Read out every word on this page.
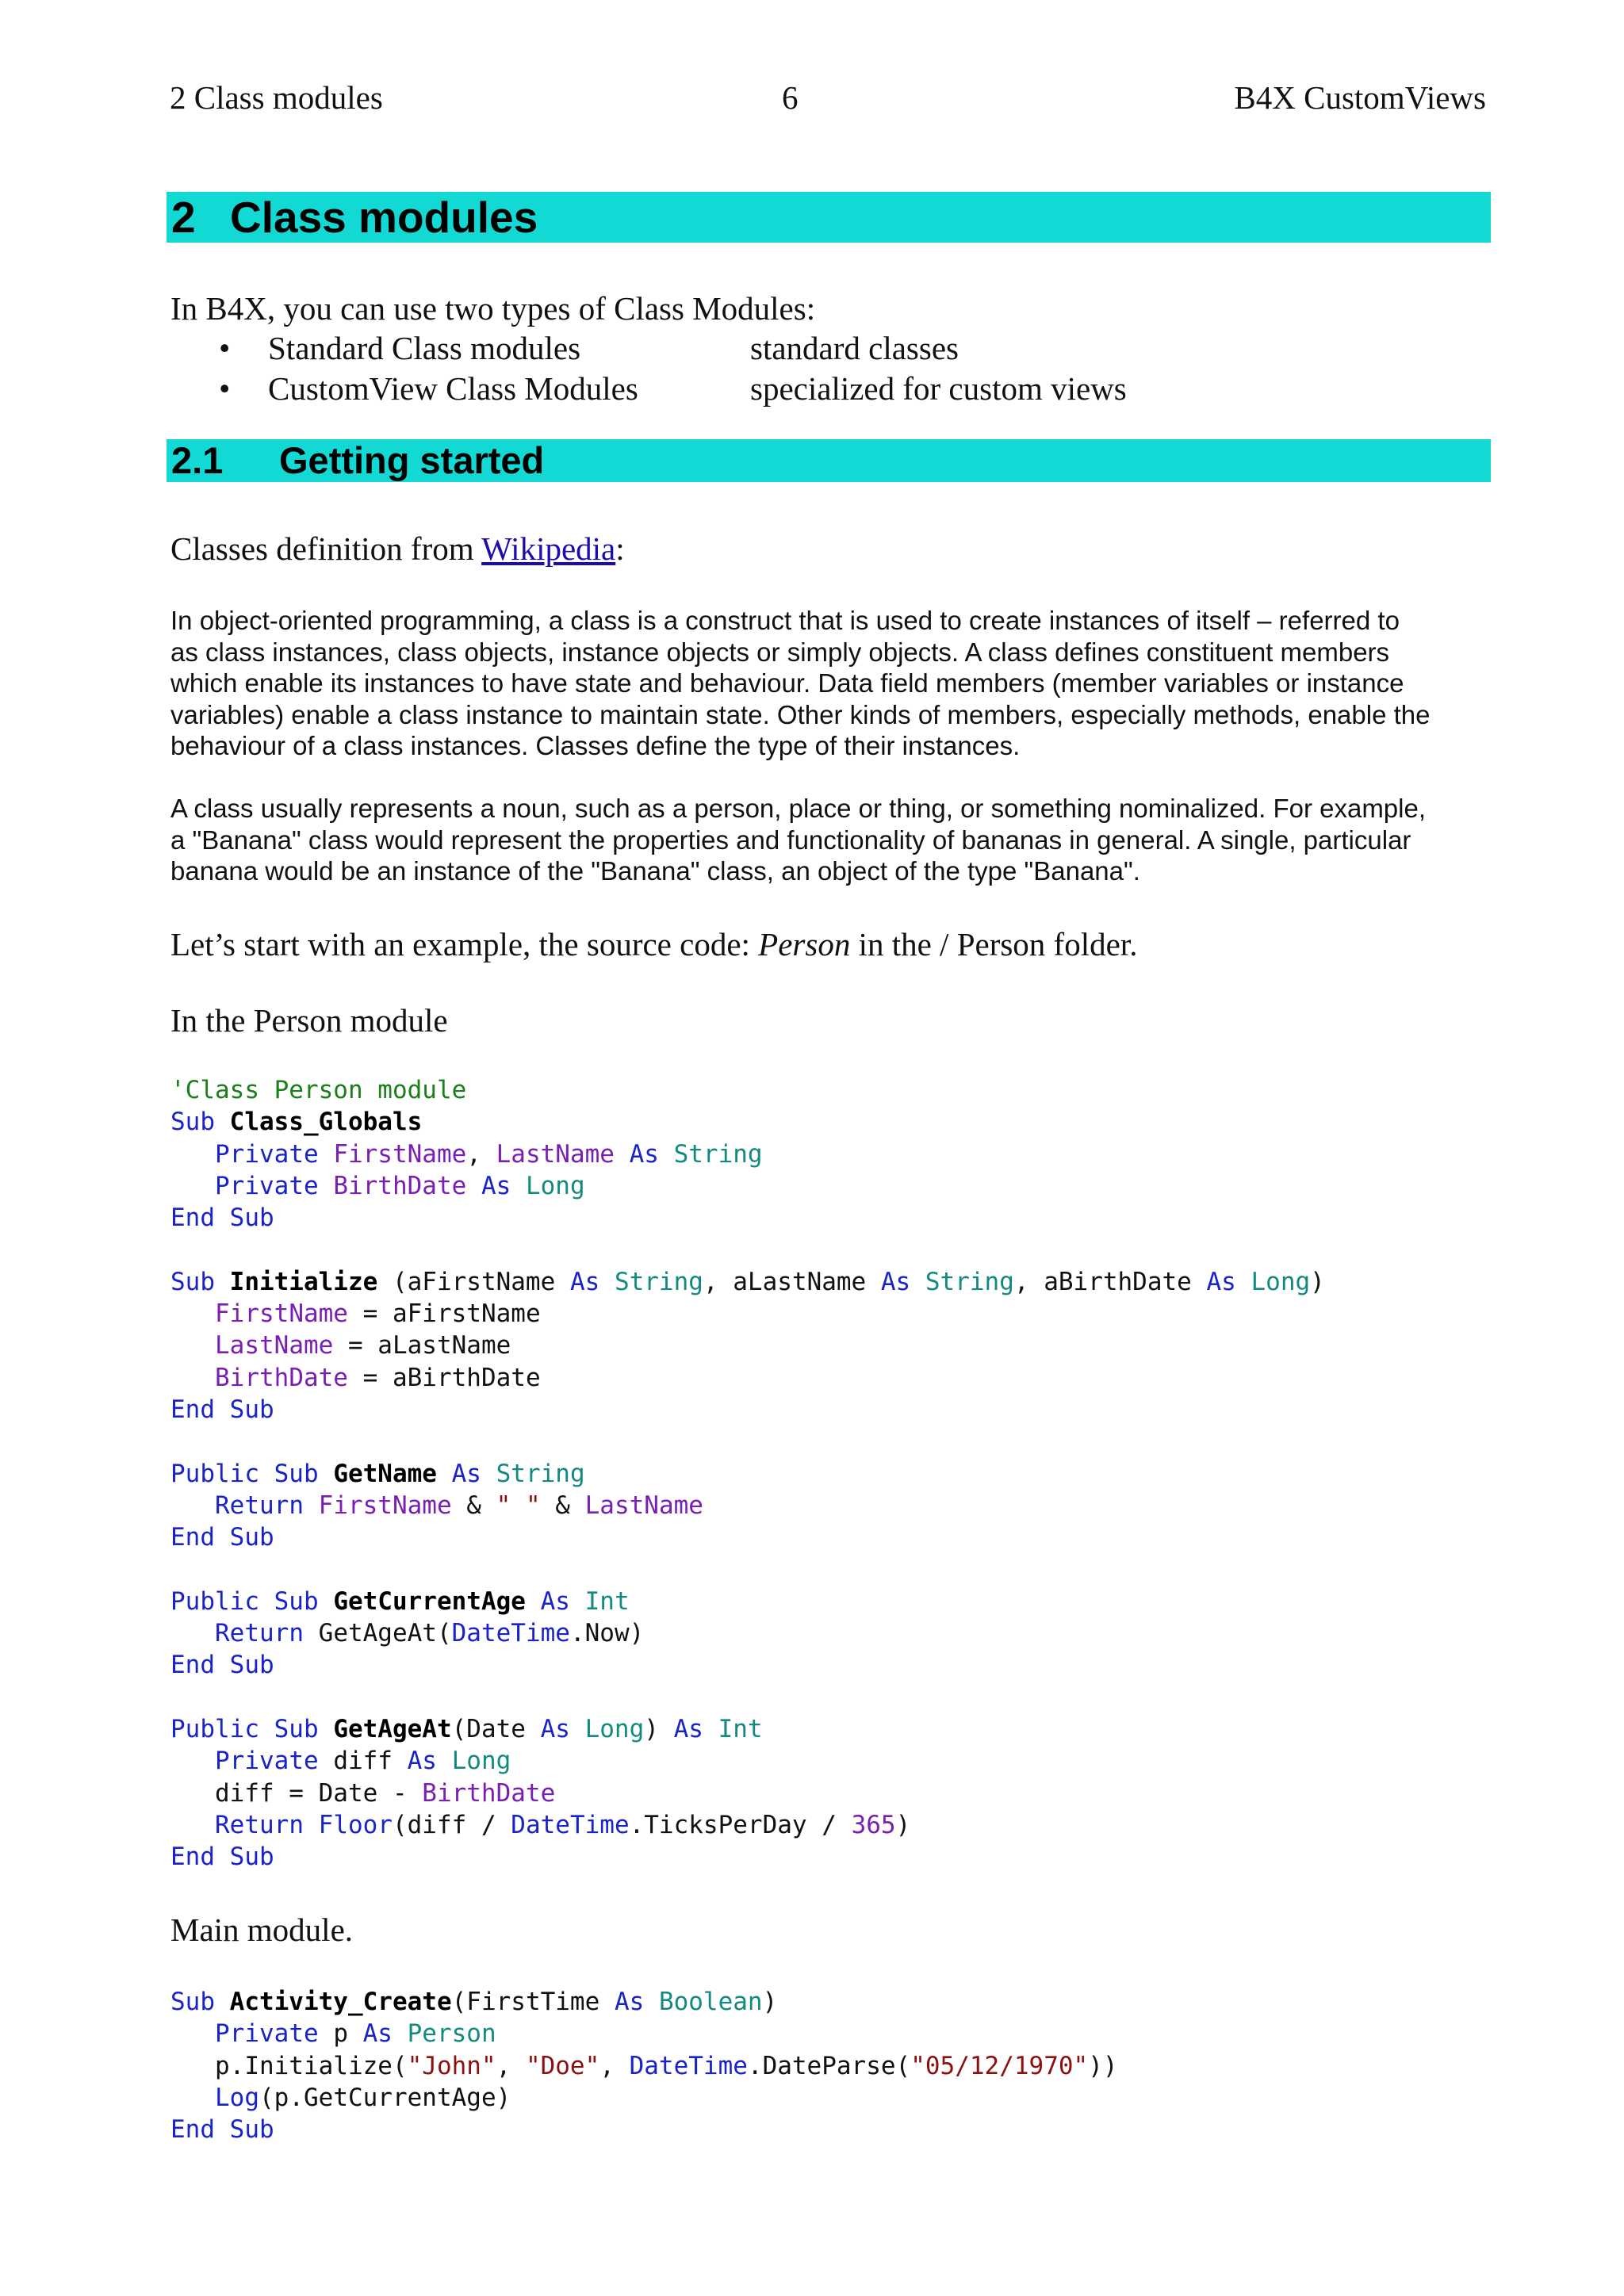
2 Class modules	6	B4X CustomViews
2 Class modules
In B4X, you can use two types of Class Modules:
• Standard Class modules	standard classes
• CustomView Class Modules	specialized for custom views
2.1 Getting started
Classes definition from Wikipedia:
In object-oriented programming, a class is a construct that is used to create instances of itself – referred to
as class instances, class objects, instance objects or simply objects. A class defines constituent members
which enable its instances to have state and behaviour. Data field members (member variables or instance
variables) enable a class instance to maintain state. Other kinds of members, especially methods, enable the
behaviour of a class instances. Classes define the type of their instances.
A class usually represents a noun, such as a person, place or thing, or something nominalized. For example,
a "Banana" class would represent the properties and functionality of bananas in general. A single, particular
banana would be an instance of the "Banana" class, an object of the type "Banana".
Let’s start with an example, the source code: Person in the / Person folder.
In the Person module
'Class Person module
Sub Class_Globals
Private FirstName, LastName As String
Private BirthDate As Long
End Sub

Sub Initialize (aFirstName As String, aLastName As String, aBirthDate As Long)
FirstName = aFirstName
LastName = aLastName
BirthDate = aBirthDate
End Sub

Public Sub GetName As String
Return FirstName & " " & LastName
End Sub

Public Sub GetCurrentAge As Int
Return GetAgeAt(DateTime.Now)
End Sub

Public Sub GetAgeAt(Date As Long) As Int
Private diff As Long
diff = Date - BirthDate
Return Floor(diff / DateTime.TicksPerDay / 365)
End Sub
Main module.
Sub Activity_Create(FirstTime As Boolean)
Private p As Person
p.Initialize("John", "Doe", DateTime.DateParse("05/12/1970"))
Log(p.GetCurrentAge)
End Sub
